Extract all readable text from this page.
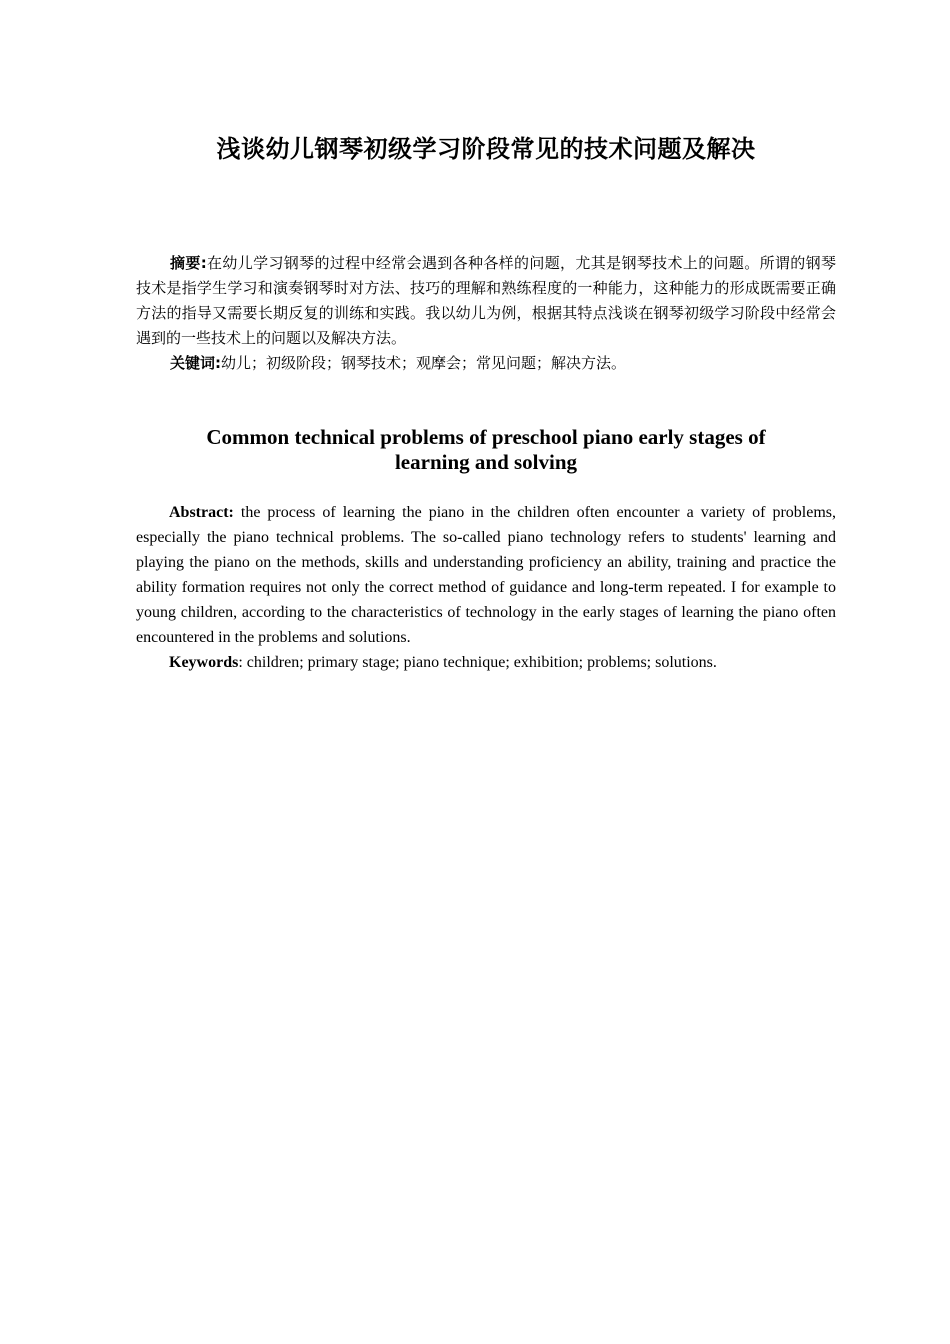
浅谈幼儿钢琴初级学习阶段常见的技术问题及解决

摘要:在幼儿学习钢琴的过程中经常会遇到各种各样的问题，尤其是钢琴技术上的问题。所谓的钢琴技术是指学生学习和演奏钢琴时对方法、技巧的理解和熟练程度的一种能力，这种能力的形成既需要正确方法的指导又需要长期反复的训练和实践。我以幼儿为例，根据其特点浅谈在钢琴初级学习阶段中经常会遇到的一些技术上的问题以及解决方法。

关键词:幼儿；初级阶段；钢琴技术；观摩会；常见问题；解决方法。

Common technical problems of preschool piano early stages of
learning and solving

Abstract: the process of learning the piano in the children often encounter a variety of problems, especially the piano technical problems. The so-called piano technology refers to students' learning and playing the piano on the methods, skills and understanding proficiency an ability, training and practice the ability formation requires not only the correct method of guidance and long-term repeated. I for example to young children, according to the characteristics of technology in the early stages of learning the piano often encountered in the problems and solutions.

Keywords: children; primary stage; piano technique; exhibition; problems; solutions.
